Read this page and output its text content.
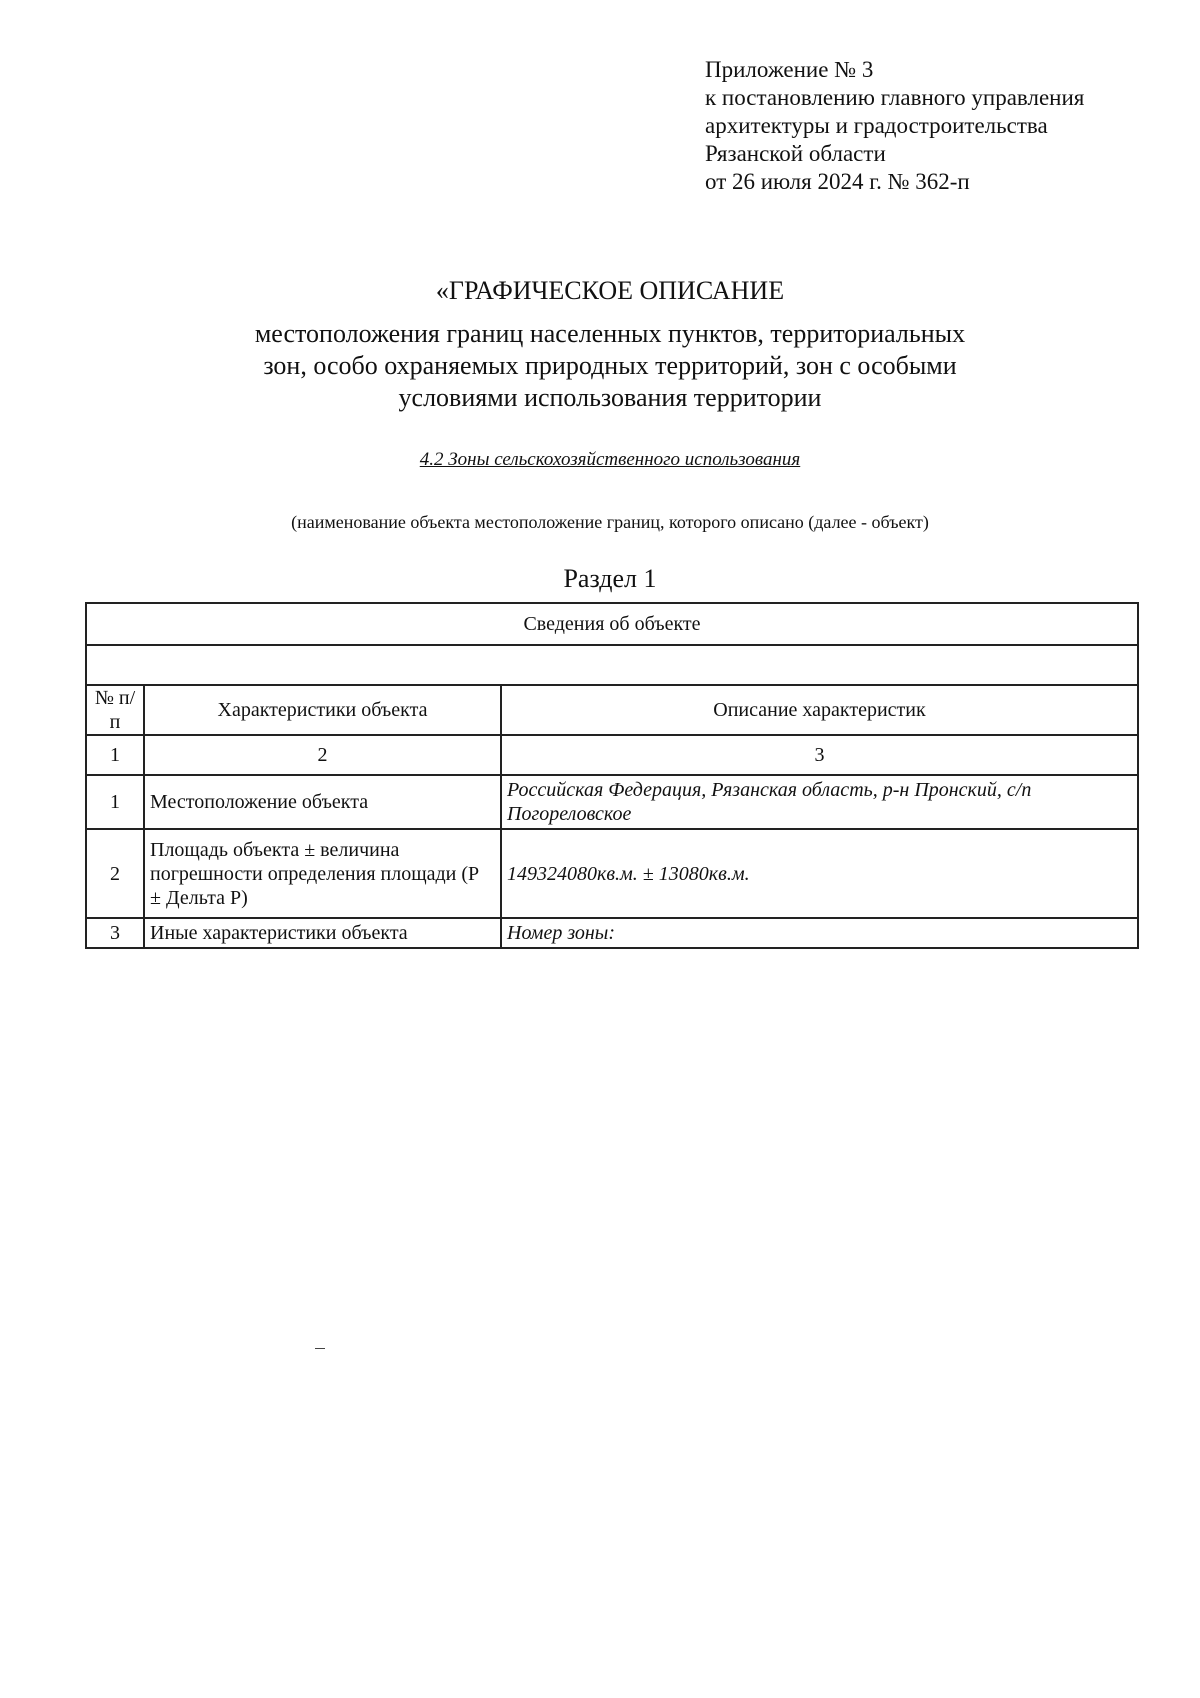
Приложение № 3
к постановлению главного управления
архитектуры и градостроительства
Рязанской области
от 26 июля 2024 г. № 362-п
«ГРАФИЧЕСКОЕ ОПИСАНИЕ
местоположения границ населенных пунктов, территориальных
зон, особо охраняемых природных территорий, зон с особыми
условиями использования территории
4.2 Зоны сельскохозяйственного использования
(наименование объекта местоположение границ, которого описано (далее - объект)
Раздел 1
Сведения об объекте		

№ п/п	Характеристики объекта	Описание характеристик
1	2	3
1	Местоположение объекта	Российская Федерация, Рязанская область, р-н Пронский, с/п Погореловское
2	Площадь объекта ± величина погрешности определения площади (Р ± Дельта Р)	149324080кв.м. ± 13080кв.м.
3	Иные характеристики объекта	Номер зоны:
